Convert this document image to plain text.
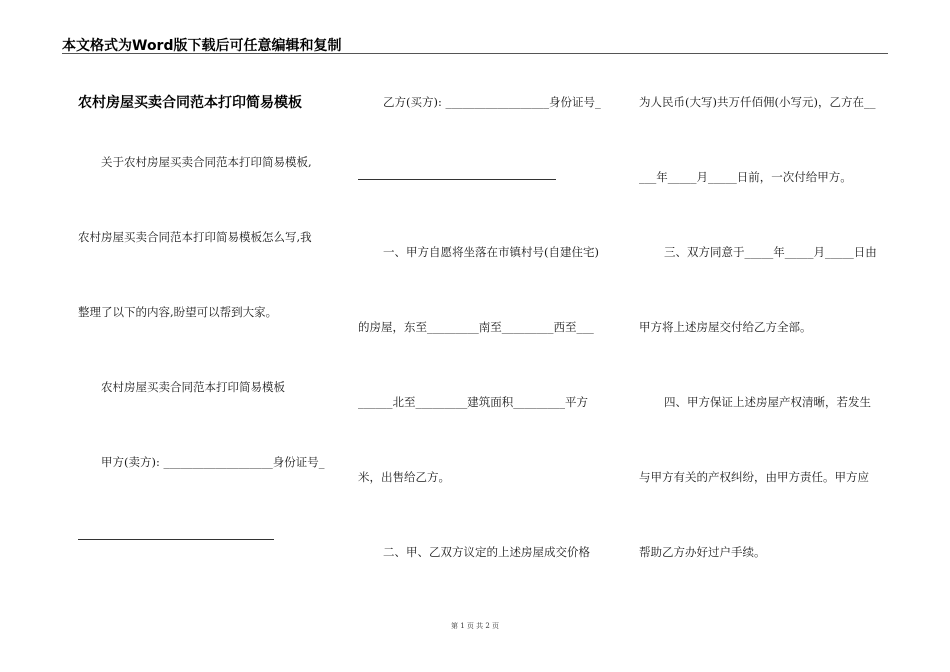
本文格式为Word版下载后可任意编辑和复制
农村房屋买卖合同范本打印简易模板
关于农村房屋买卖合同范本打印简易模板,
农村房屋买卖合同范本打印简易模板怎么写,我
整理了以下的内容,盼望可以帮到大家。
农村房屋买卖合同范本打印简易模板
甲方(卖方): ___________________身份证号_
乙方(买方): __________________身份证号_
一、甲方自愿将坐落在市镇村号(自建住宅)
的房屋，东至_________南至_________西至___
______北至_________建筑面积_________平方
米，出售给乙方。
二、甲、乙双方议定的上述房屋成交价格
为人民币(大写)共万仟佰佣(小写元)，乙方在__
___年_____月_____日前，一次付给甲方。
三、双方同意于_____年_____月_____日由
甲方将上述房屋交付给乙方全部。
四、甲方保证上述房屋产权清晰，若发生
与甲方有关的产权纠纷，由甲方责任。甲方应
帮助乙方办好过户手续。
第 1 页 共 2 页
